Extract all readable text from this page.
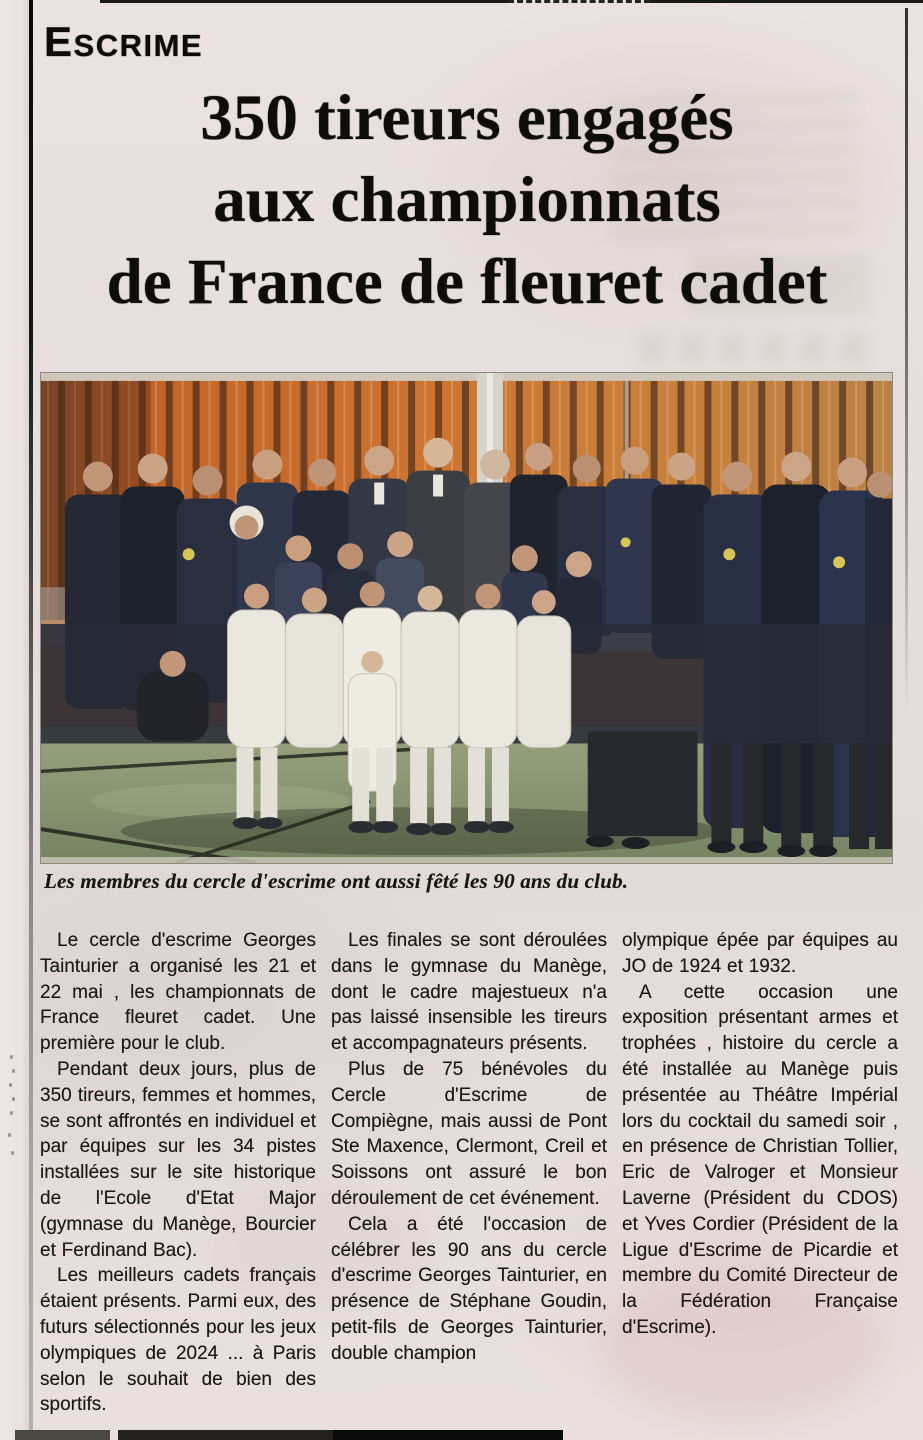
ESCRIME
350 tireurs engagés
aux championnats
de France de fleuret cadet

Les membres du cercle d'escrime ont aussi fêté les 90 ans du club.

Le cercle d'escrime Georges Tainturier a organisé les 21 et 22 mai , les championnats de France fleuret cadet. Une première pour le club.

Pendant deux jours, plus de 350 tireurs, femmes et hommes, se sont affrontés en individuel et par équipes sur les 34 pistes installées sur le site historique de l'Ecole d'Etat Major (gymnase du Manège, Bourcier et Ferdinand Bac).

Les meilleurs cadets français étaient présents. Parmi eux, des futurs sélectionnés pour les jeux olympiques de 2024 ... à Paris selon le souhait de bien des sportifs.

Les finales se sont déroulées dans le gymnase du Manège, dont le cadre majestueux n'a pas laissé insensible les tireurs et accompagnateurs présents.

Plus de 75 bénévoles du Cercle d'Escrime de Compiègne, mais aussi de Pont Ste Maxence, Clermont, Creil et Soissons ont assuré le bon déroulement de cet événement.

Cela a été l'occasion de célébrer les 90 ans du cercle d'escrime Georges Tainturier, en présence de Stéphane Goudin, petit-fils de Georges Tainturier, double champion

olympique épée par équipes au JO de 1924 et 1932.

A cette occasion une exposition présentant armes et trophées , histoire du cercle a été installée au Manège puis présentée au Théâtre Impérial lors du cocktail du samedi soir , en présence de Christian Tollier, Eric de Valroger et Monsieur Laverne (Président du CDOS) et Yves Cordier (Président de la Ligue d'Escrime de Picardie et membre du Comité Directeur de la Fédération Française d'Escrime).
